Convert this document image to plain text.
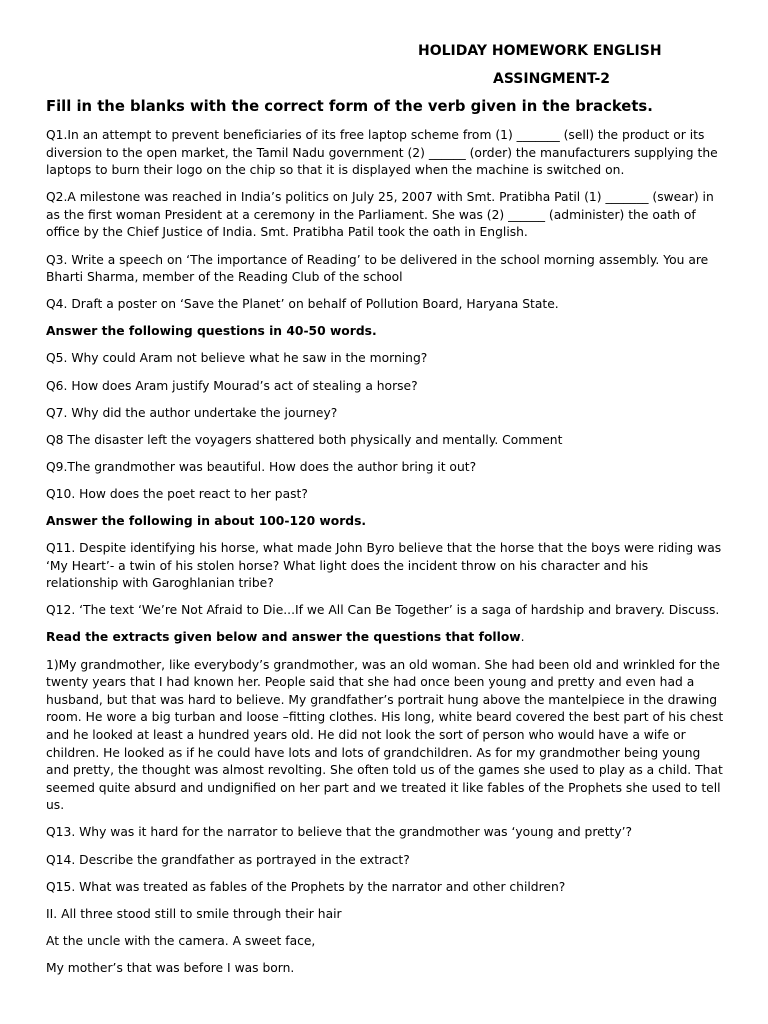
HOLIDAY HOMEWORK ENGLISH
ASSINGMENT-2
Fill in the blanks with the correct form of the verb given in the brackets.

Q1.In an attempt to prevent beneficiaries of its free laptop scheme from (1) _______ (sell) the product or its diversion to the open market, the Tamil Nadu government (2) ______ (order) the manufacturers supplying the laptops to burn their logo on the chip so that it is displayed when the machine is switched on.

Q2.A milestone was reached in India’s politics on July 25, 2007 with Smt. Pratibha Patil (1) _______ (swear) in as the first woman President at a ceremony in the Parliament. She was (2) ______ (administer) the oath of office by the Chief Justice of India. Smt. Pratibha Patil took the oath in English.

Q3. Write a speech on ‘The importance of Reading’ to be delivered in the school morning assembly. You are Bharti Sharma, member of the Reading Club of the school

Q4. Draft a poster on ‘Save the Planet’ on behalf of Pollution Board, Haryana State.

Answer the following questions in 40-50 words.

Q5. Why could Aram not believe what he saw in the morning?

Q6. How does Aram justify Mourad’s act of stealing a horse?

Q7. Why did the author undertake the journey?

Q8 The disaster left the voyagers shattered both physically and mentally. Comment

Q9.The grandmother was beautiful. How does the author bring it out?

Q10. How does the poet react to her past?

Answer the following in about 100-120 words.

Q11. Despite identifying his horse, what made John Byro believe that the horse that the boys were riding was ‘My Heart’- a twin of his stolen horse? What light does the incident throw on his character and his relationship with Garoghlanian tribe?

Q12. ‘The text ‘We’re Not Afraid to Die...If we All Can Be Together’ is a saga of hardship and bravery. Discuss.

Read the extracts given below and answer the questions that follow.

1)My grandmother, like everybody’s grandmother, was an old woman. She had been old and wrinkled for the twenty years that I had known her. People said that she had once been young and pretty and even had a husband, but that was hard to believe. My grandfather’s portrait hung above the mantelpiece in the drawing room. He wore a big turban and loose –fitting clothes. His long, white beard covered the best part of his chest and he looked at least a hundred years old. He did not look the sort of person who would have a wife or children. He looked as if he could have lots and lots of grandchildren. As for my grandmother being young and pretty, the thought was almost revolting. She often told us of the games she used to play as a child. That seemed quite absurd and undignified on her part and we treated it like fables of the Prophets she used to tell us.

Q13. Why was it hard for the narrator to believe that the grandmother was ‘young and pretty’?

Q14. Describe the grandfather as portrayed in the extract?

Q15. What was treated as fables of the Prophets by the narrator and other children?

II. All three stood still to smile through their hair

At the uncle with the camera. A sweet face,

My mother’s that was before I was born.
